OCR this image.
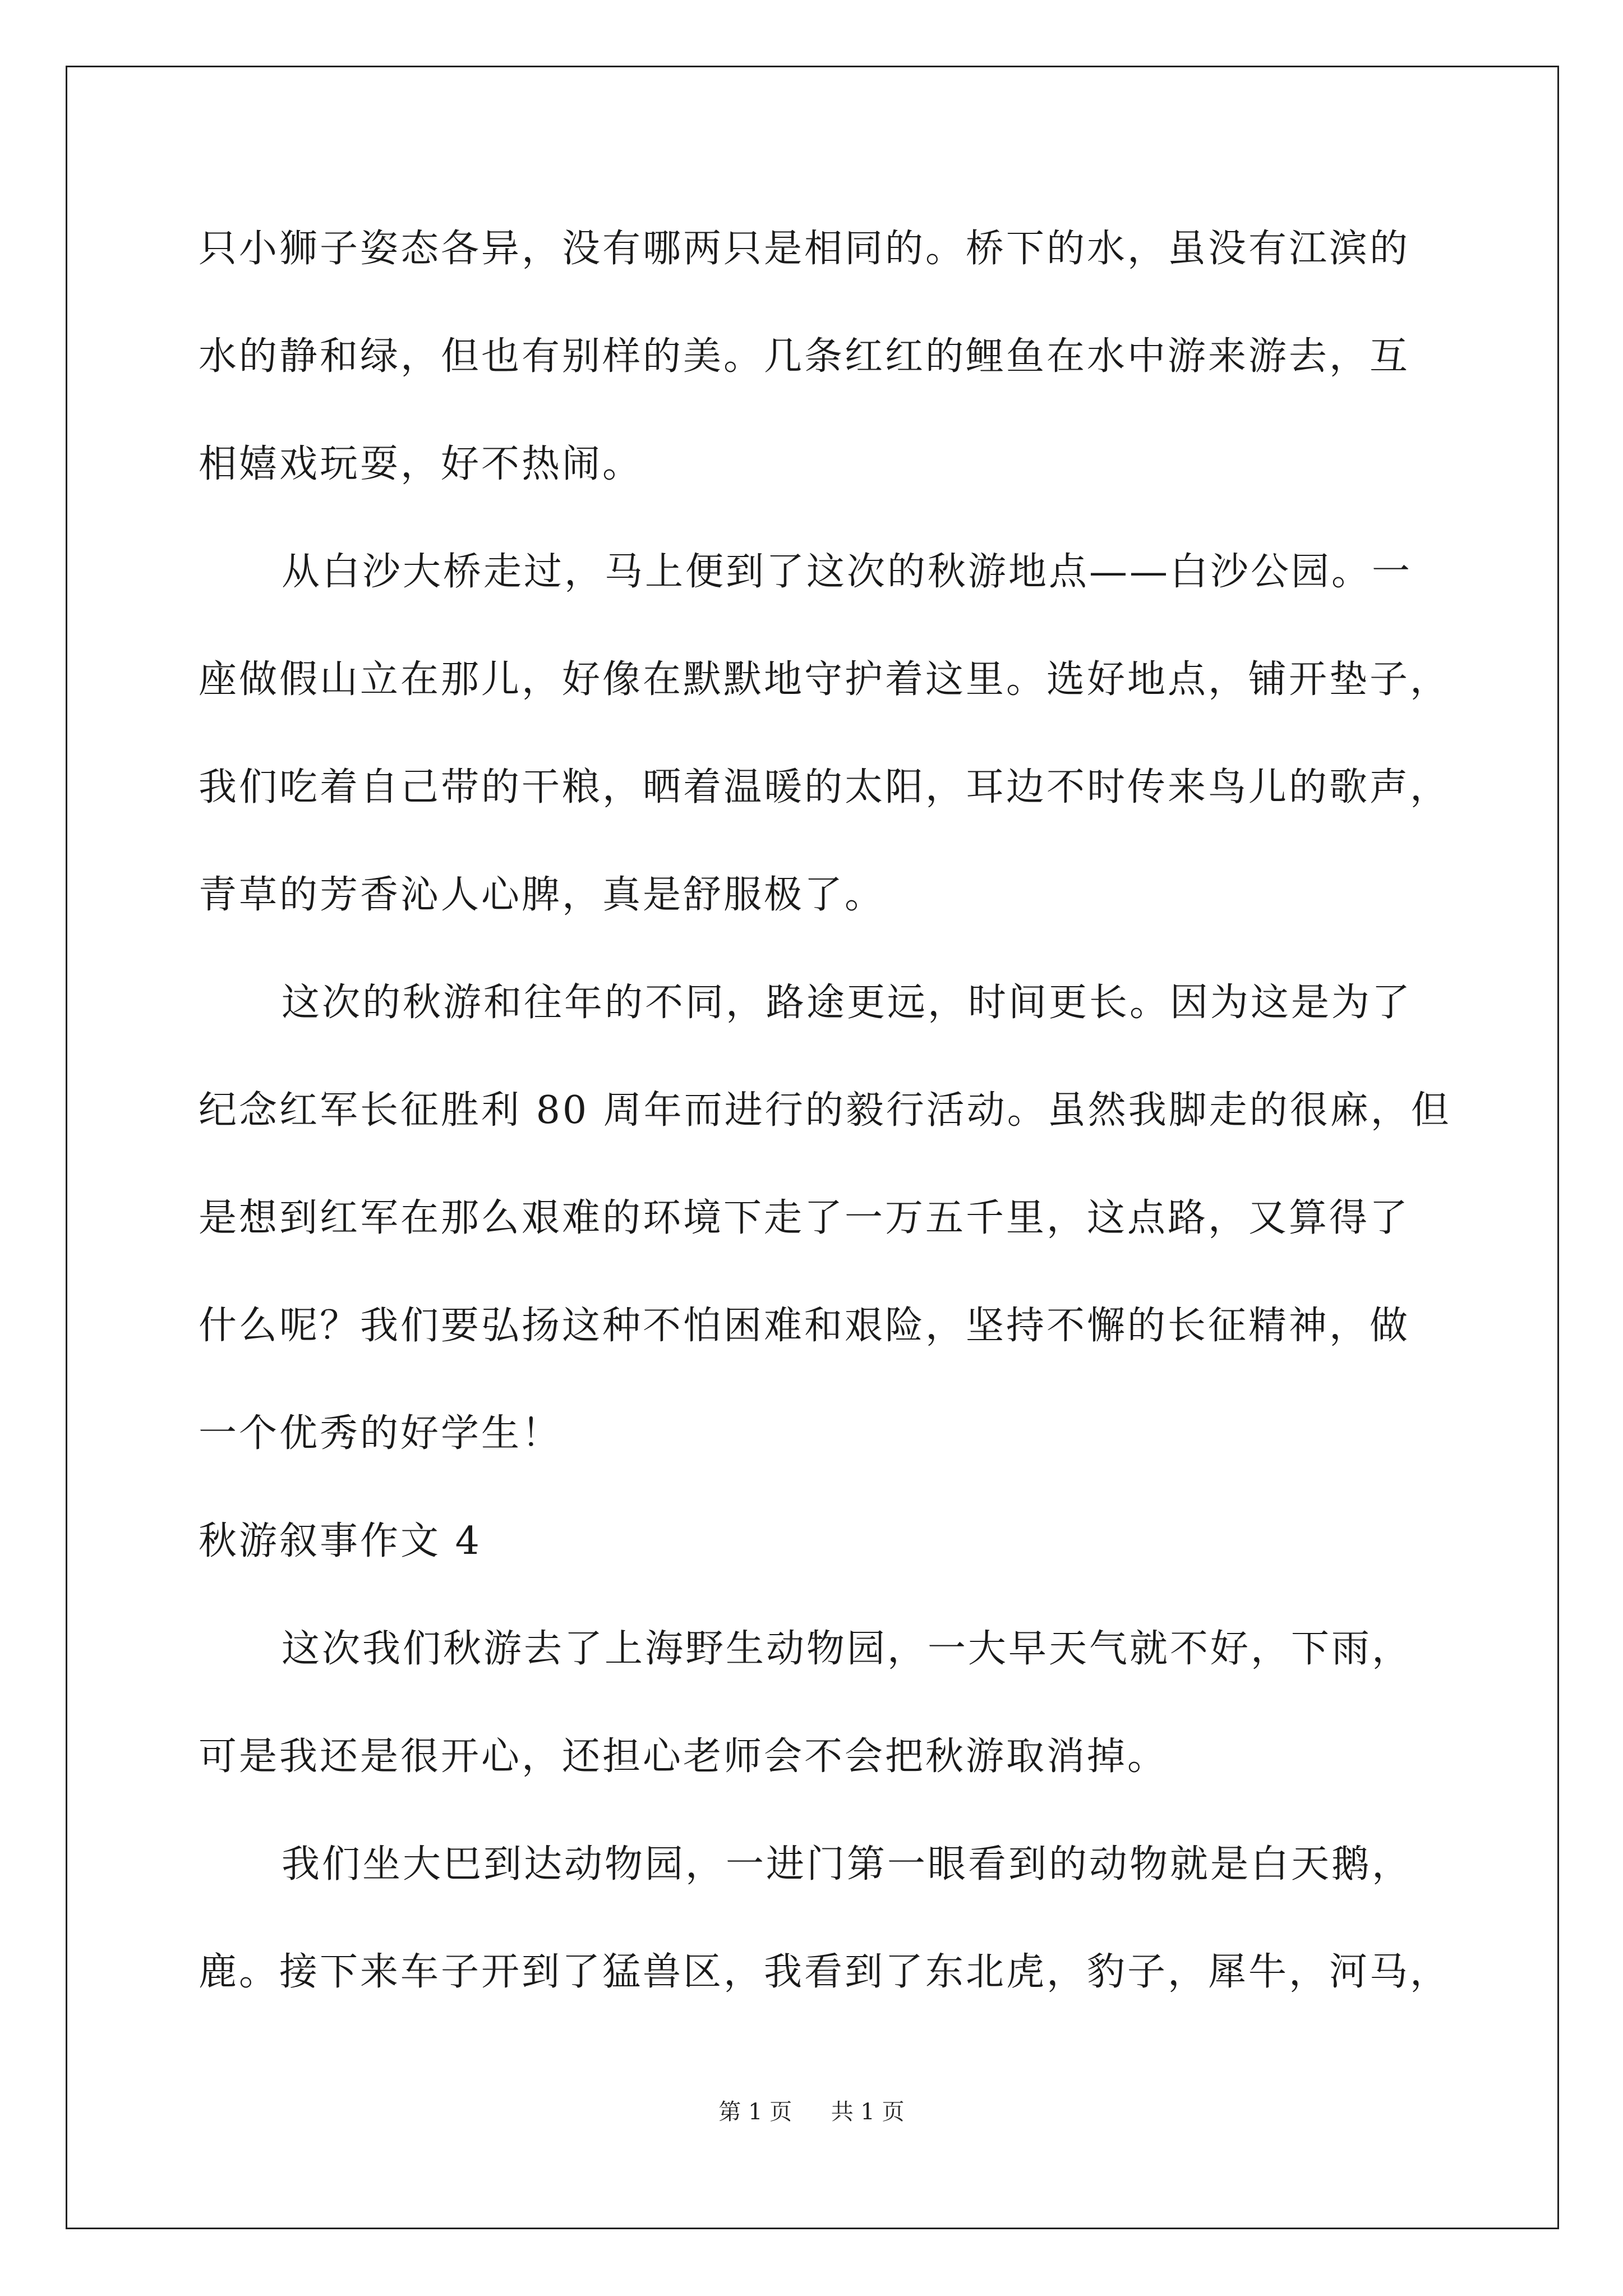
只小狮子姿态各异，没有哪两只是相同的。桥下的水，虽没有江滨的
水的静和绿，但也有别样的美。几条红红的鲤鱼在水中游来游去，互
相嬉戏玩耍，好不热闹。
从白沙大桥走过，马上便到了这次的秋游地点——白沙公园。一
座做假山立在那儿，好像在默默地守护着这里。选好地点，铺开垫子，
我们吃着自己带的干粮，晒着温暖的太阳，耳边不时传来鸟儿的歌声，
青草的芳香沁人心脾，真是舒服极了。
这次的秋游和往年的不同，路途更远，时间更长。因为这是为了
纪念红军长征胜利 80 周年而进行的毅行活动。虽然我脚走的很麻，但
是想到红军在那么艰难的环境下走了一万五千里，这点路，又算得了
什么呢？我们要弘扬这种不怕困难和艰险，坚持不懈的长征精神，做
一个优秀的好学生！
秋游叙事作文 4
这次我们秋游去了上海野生动物园，一大早天气就不好，下雨，
可是我还是很开心，还担心老师会不会把秋游取消掉。
我们坐大巴到达动物园，一进门第一眼看到的动物就是白天鹅，
鹿。接下来车子开到了猛兽区，我看到了东北虎，豹子，犀牛，河马，
第 1 页 共 1 页
